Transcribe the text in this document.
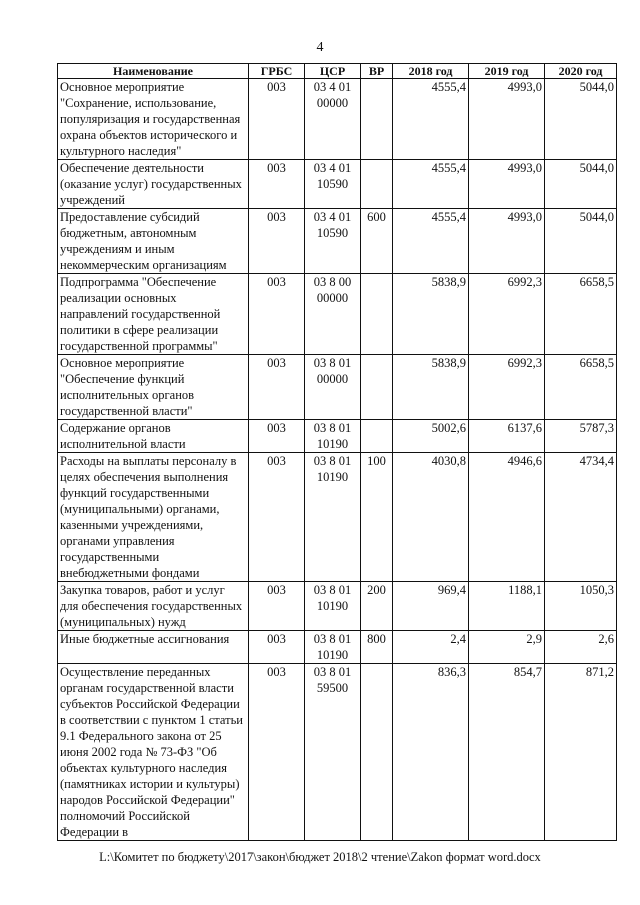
4
Наименование	ГРБС	ЦСР	ВР	2018 год	2019 год	2020 год
Основное мероприятие "Сохранение, использование, популяризация и государственная охрана объектов исторического и культурного наследия"	003	03 4 01 00000		4555,4	4993,0	5044,0
Обеспечение деятельности (оказание услуг) государственных учреждений	003	03 4 01 10590		4555,4	4993,0	5044,0
Предоставление субсидий бюджетным, автономным учреждениям и иным некоммерческим организациям	003	03 4 01 10590	600	4555,4	4993,0	5044,0
Подпрограмма "Обеспечение реализации основных направлений государственной политики в сфере реализации государственной программы"	003	03 8 00 00000		5838,9	6992,3	6658,5
Основное мероприятие "Обеспечение функций исполнительных органов государственной власти"	003	03 8 01 00000		5838,9	6992,3	6658,5
Содержание органов исполнительной власти	003	03 8 01 10190		5002,6	6137,6	5787,3
Расходы на выплаты персоналу в целях обеспечения выполнения функций государственными (муниципальными) органами, казенными учреждениями, органами управления государственными внебюджетными фондами	003	03 8 01 10190	100	4030,8	4946,6	4734,4
Закупка товаров, работ и услуг для обеспечения государственных (муниципальных) нужд	003	03 8 01 10190	200	969,4	1188,1	1050,3
Иные бюджетные ассигнования	003	03 8 01 10190	800	2,4	2,9	2,6
Осуществление переданных органам государственной власти субъектов Российской Федерации в соответствии с пунктом 1 статьи 9.1 Федерального закона от 25 июня 2002 года № 73-ФЗ "Об объектах культурного наследия (памятниках истории и культуры) народов Российской Федерации" полномочий Российской Федерации в	003	03 8 01 59500		836,3	854,7	871,2
L:\Комитет по бюджету\2017\закон\бюджет 2018\2 чтение\Zakon формат word.docx
